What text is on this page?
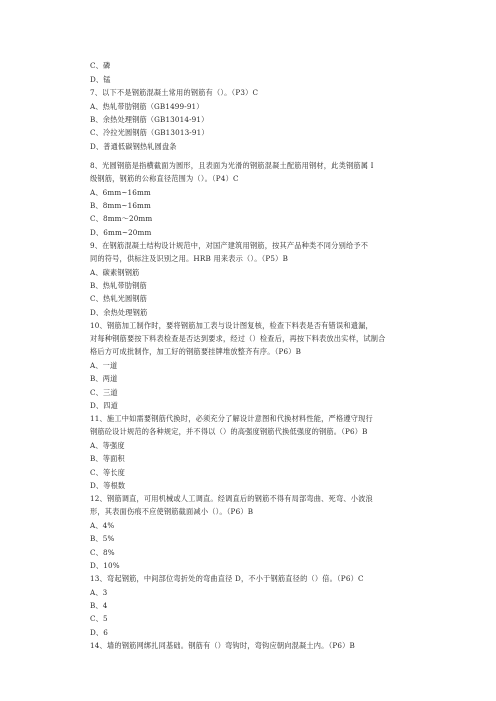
C、磷
D、锰
7、以下不是钢筋混凝土常用的钢筋有（）。（P3）C
A、热轧带肋钢筋（GB1499-91）
B、余热处理钢筋（GB13014-91）
C、冷拉光圆钢筋（GB13013-91）
D、普通低碳钢热轧圆盘条
8、光圆钢筋是指横截面为圆形，且表面为光滑的钢筋混凝土配筋用钢材，此类钢筋属 I
级钢筋，钢筋的公称直径范围为（）。（P4）C
A、6mm~16mm
B、8mm~16mm
C、8mm～20mm
D、6mm~20mm
9、在钢筋混凝土结构设计规范中，对国产建筑用钢筋，按其产品种类不同分别给予不
同的符号，供标注及识别之用。HRB 用来表示（）。（P5）B
A、碳素钢钢筋
B、热轧带肋钢筋
C、热轧光圆钢筋
D、余热处理钢筋
10、钢筋加工制作时，要将钢筋加工表与设计图复核，检查下料表是否有错误和遗漏，
对每种钢筋要按下料表检查是否达到要求，经过（）检查后，再按下料表放出实样，试制合
格后方可成批制作，加工好的钢筋要挂牌堆放整齐有序。（P6）B
A、一道
B、两道
C、三道
D、四道
11、施工中如需要钢筋代换时，必须充分了解设计意图和代换材料性能，严格遵守现行
钢筋砼设计规范的各种规定，并不得以（）的高强度钢筋代换低强度的钢筋。（P6）B
A、等强度
B、等面积
C、等长度
D、等根数
12、钢筋调直，可用机械或人工调直。经调直后的钢筋不得有局部弯曲、死弯、小波浪
形，其表面伤痕不应使钢筋截面减小（）。（P6）B
A、4%
B、5%
C、8%
D、10%
13、弯起钢筋，中间部位弯折处的弯曲直径 D，不小于钢筋直径的（）倍。（P6）C
A、3
B、4
C、5
D、6
14、墙的钢筋网绑扎同基础。钢筋有（）弯钩时，弯钩应朝向混凝土内。（P6）B
